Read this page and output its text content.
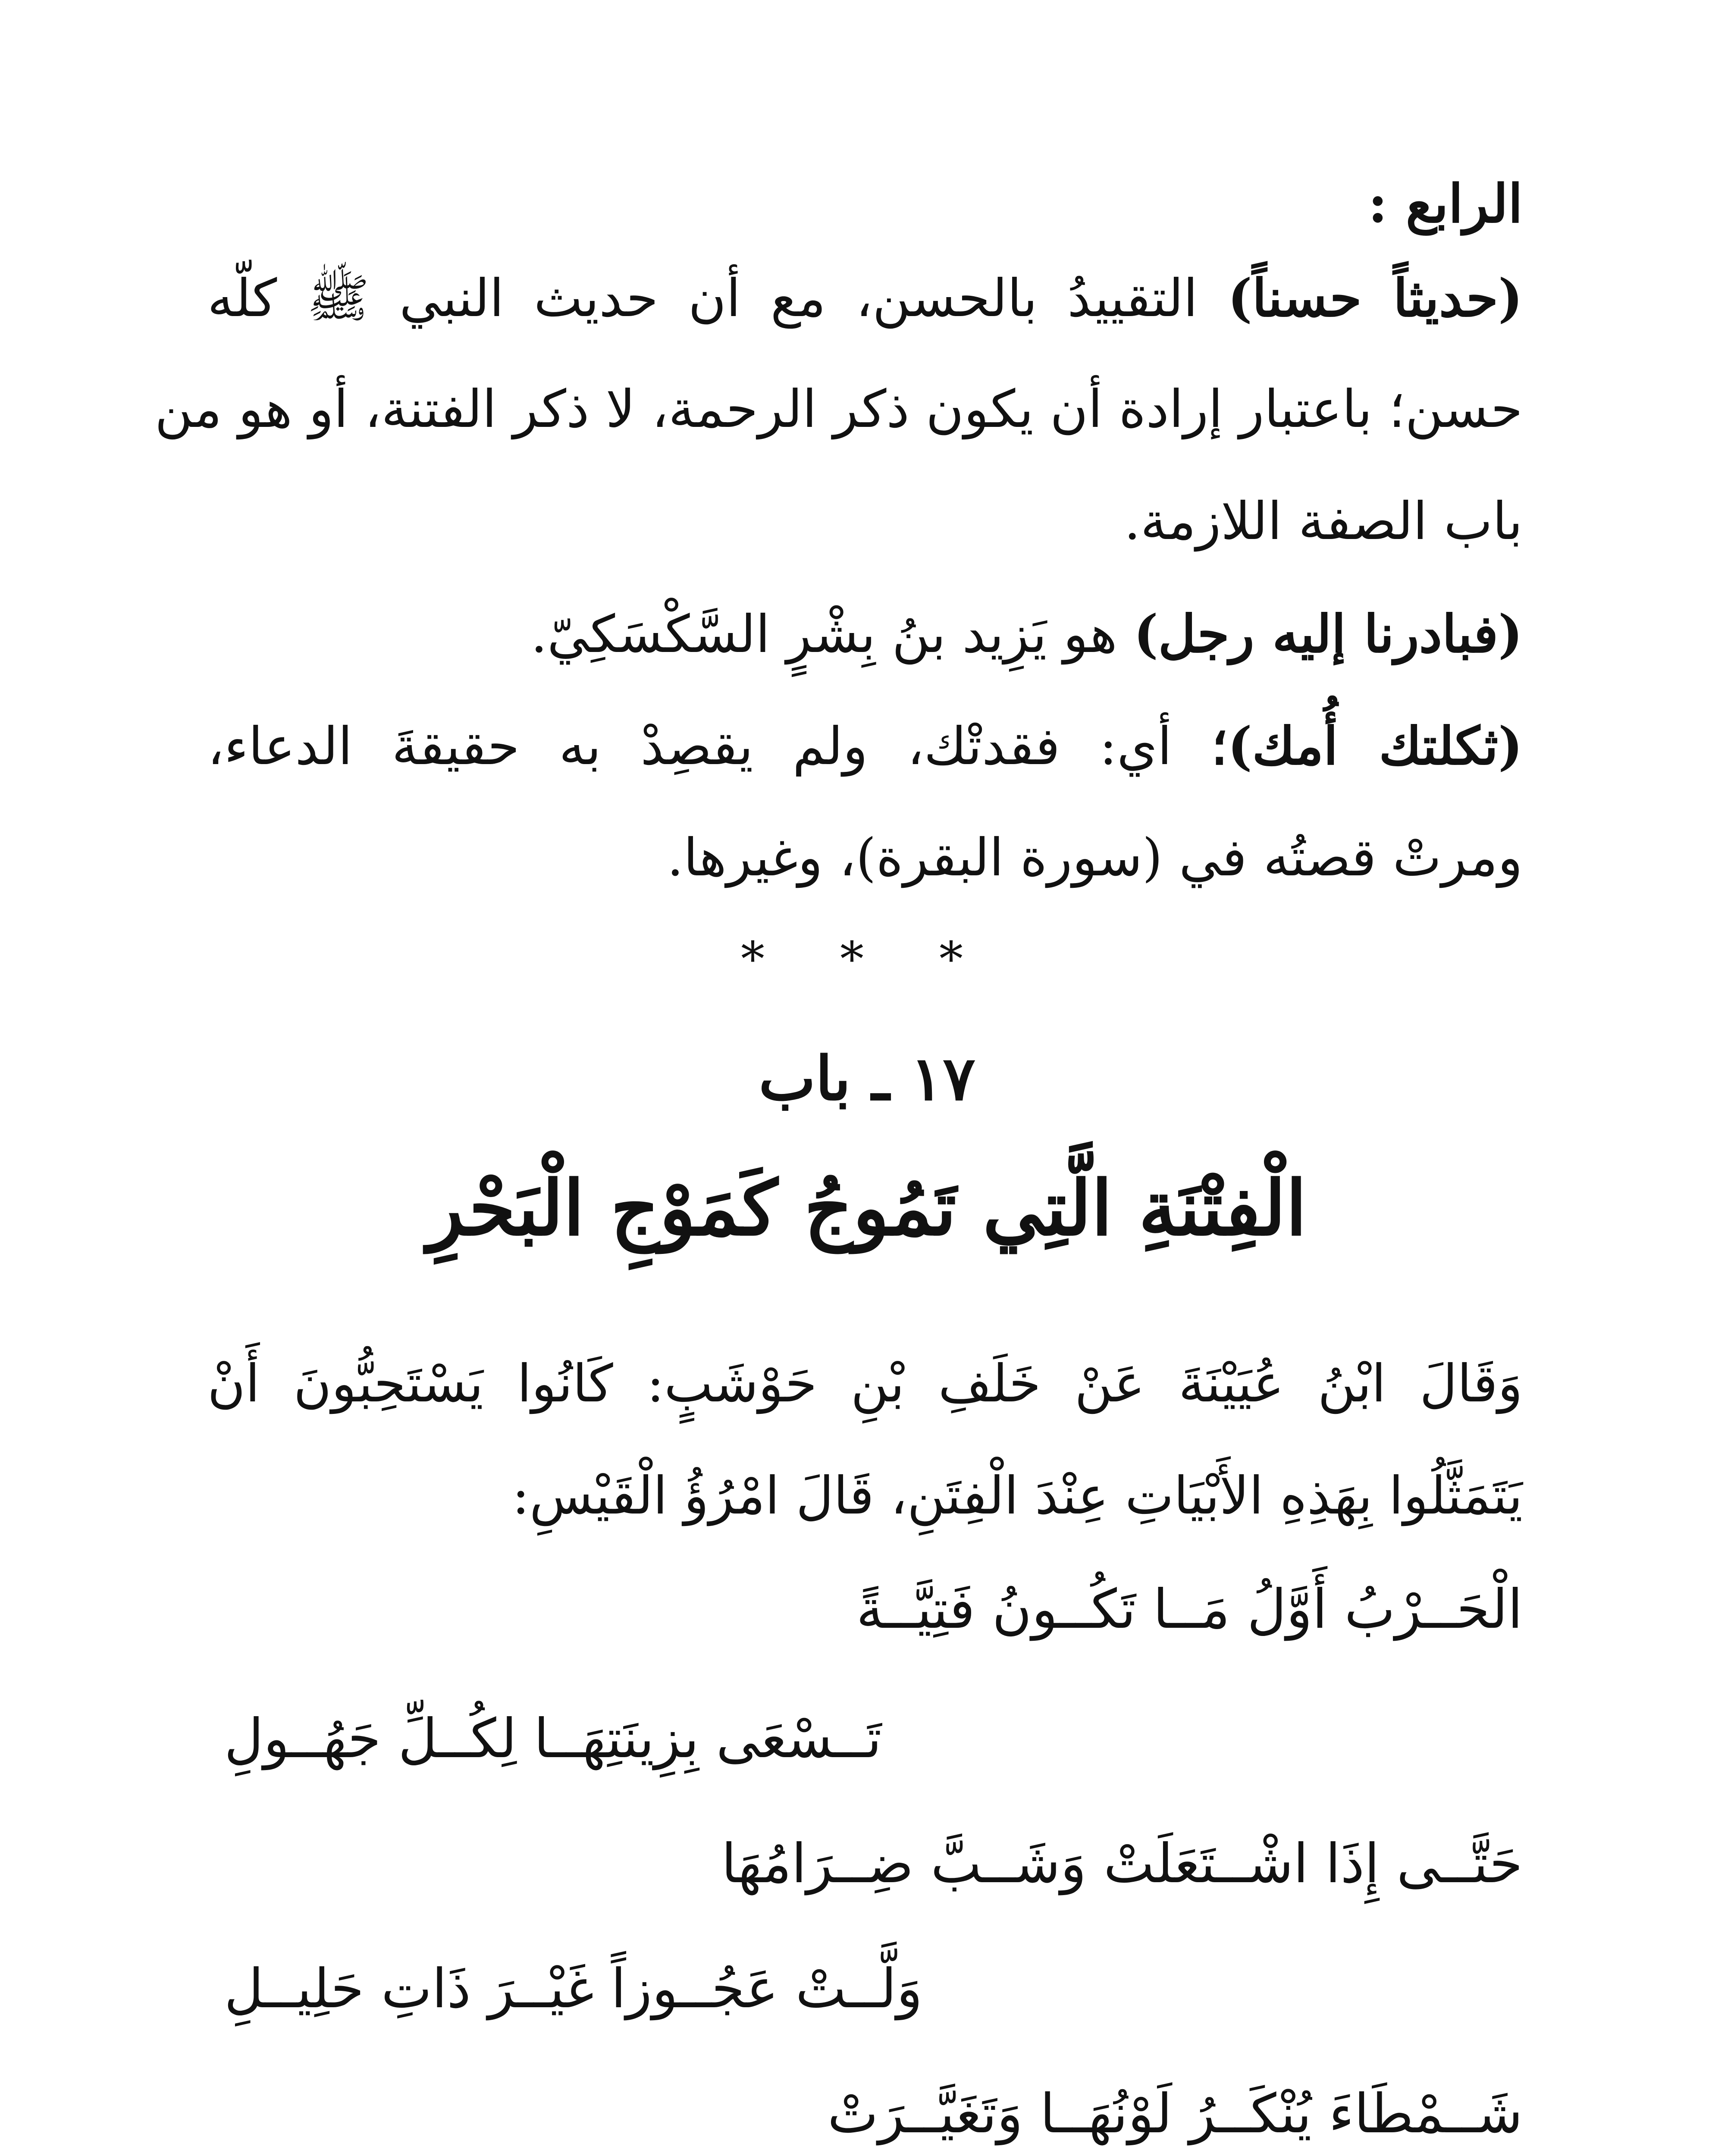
الرابع :
(حديثاً حسناً) التقييدُ بالحسن، مع أن حديث النبي ﷺ كلّه
حسن؛ باعتبار إرادة أن يكون ذكر الرحمة، لا ذكر الفتنة، أو هو من
باب الصفة اللازمة.
(فبادرنا إليه رجل) هو يَزِيد بنُ بِشْرٍ السَّكْسَكِيّ.
(ثكلتك أُمك)؛ أي: فقدتْك، ولم يقصِدْ به حقيقةَ الدعاء،
ومرتْ قصتُه في (سورة البقرة)، وغيرها.
* * *
١٧ ـ باب
الْفِتْنَةِ الَّتِي تَمُوجُ كَمَوْجِ الْبَحْرِ
وَقَالَ ابْنُ عُيَيْنَةَ عَنْ خَلَفِ بْنِ حَوْشَبٍ: كَانُوا يَسْتَحِبُّونَ أَنْ
يَتَمَثَّلُوا بِهَذِهِ الأَبْيَاتِ عِنْدَ الْفِتَنِ، قَالَ امْرُؤُ الْقَيْسِ:
الْحَــرْبُ أَوَّلُ مَــا تَكُــونُ فَتِيَّــةً
تَــسْعَى بِزِينَتِهَــا لِكُــلِّ جَهُــولِ
حَتَّــى إِذَا اشْــتَعَلَتْ وَشَــبَّ ضِــرَامُهَا
وَلَّــتْ عَجُــوزاً غَيْــرَ ذَاتِ حَلِيــلِ
شَــمْطَاءَ يُنْكَــرُ لَوْنُهَــا وَتَغَيَّــرَتْ
